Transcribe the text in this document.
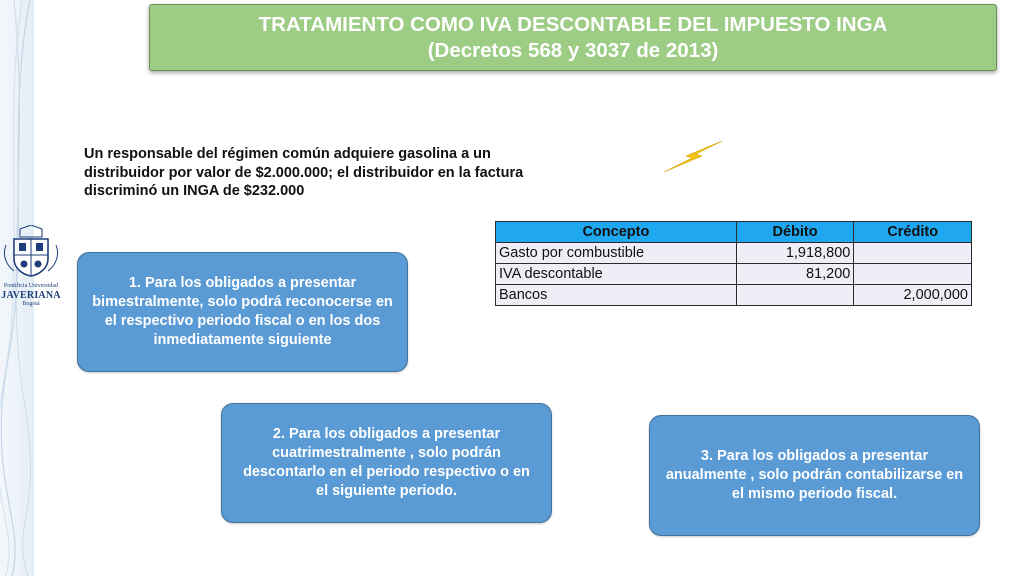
TRATAMIENTO COMO IVA DESCONTABLE DEL IMPUESTO INGA
(Decretos 568 y 3037 de 2013)
Un responsable del régimen común adquiere gasolina a un
distribuidor por valor de $2.000.000; el distribuidor en la factura
discriminó un INGA de $232.000
Pontificia Universidad
JAVERIANA
Bogotá
Concepto	Débito	Crédito
Gasto por combustible	1,918,800	
IVA descontable	81,200	
Bancos		2,000,000
1. Para los obligados a presentar bimestralmente, solo podrá reconocerse en el respectivo periodo fiscal o en los dos inmediatamente siguiente
2. Para los obligados a presentar cuatrimestralmente , solo podrán descontarlo en el periodo respectivo o en el siguiente periodo.
3. Para los obligados a presentar anualmente , solo podrán contabilizarse en el mismo periodo fiscal.
